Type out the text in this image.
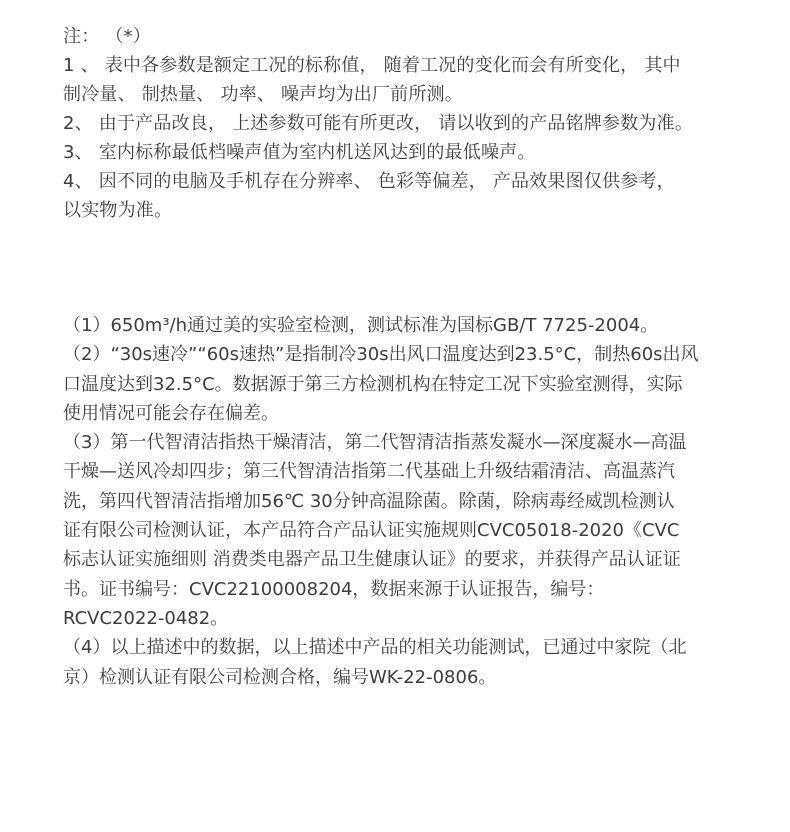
注： （*）
1 、 表中各参数是额定工况的标称值， 随着工况的变化而会有所变化， 其中
制冷量、 制热量、 功率、 噪声均为出厂前所测。
2、 由于产品改良， 上述参数可能有所更改， 请以收到的产品铭牌参数为准。
3、 室内标称最低档噪声值为室内机送风达到的最低噪声。
4、 因不同的电脑及手机存在分辨率、 色彩等偏差， 产品效果图仅供参考，
以实物为准。
（1）650m³/h通过美的实验室检测，测试标准为国标GB/T 7725-2004。
（2）“30s速冷”“60s速热”是指制冷30s出风口温度达到23.5°C，制热60s出风
口温度达到32.5°C。数据源于第三方检测机构在特定工况下实验室测得，实际
使用情况可能会存在偏差。
（3）第一代智清洁指热干燥清洁，第二代智清洁指蒸发凝水—深度凝水—高温
干燥—送风冷却四步；第三代智清洁指第二代基础上升级结霜清洁、高温蒸汽
洗，第四代智清洁指增加56℃ 30分钟高温除菌。除菌，除病毒经威凯检测认
证有限公司检测认证，本产品符合产品认证实施规则CVC05018-2020《CVC
标志认证实施细则 消费类电器产品卫生健康认证》的要求，并获得产品认证证
书。证书编号：CVC22100008204，数据来源于认证报告，编号：
RCVC2022-0482。
（4）以上描述中的数据，以上描述中产品的相关功能测试，已通过中家院（北
京）检测认证有限公司检测合格，编号WK-22-0806。
